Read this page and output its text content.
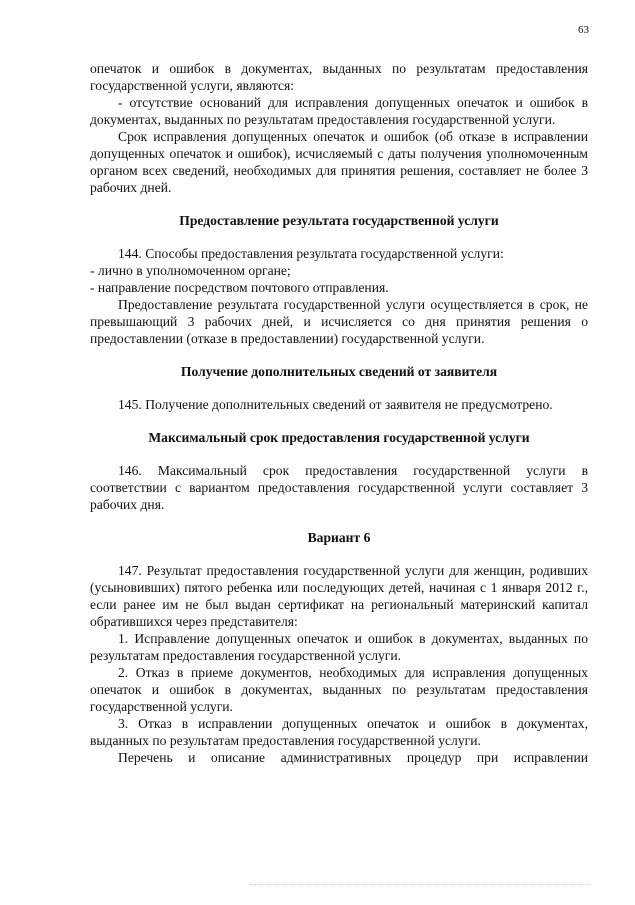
63

опечаток и ошибок в документах, выданных по результатам предоставления государственной услуги, являются:

- отсутствие оснований для исправления допущенных опечаток и ошибок в документах, выданных по результатам предоставления государственной услуги.

Срок исправления допущенных опечаток и ошибок (об отказе в исправлении допущенных опечаток и ошибок), исчисляемый с даты получения уполномоченным органом всех сведений, необходимых для принятия решения, составляет не более 3 рабочих дней.

Предоставление результата государственной услуги

144. Способы предоставления результата государственной услуги:

- лично в уполномоченном органе;

- направление посредством почтового отправления.

Предоставление результата государственной услуги осуществляется в срок, не превышающий 3 рабочих дней, и исчисляется со дня принятия решения о предоставлении (отказе в предоставлении) государственной услуги.

Получение дополнительных сведений от заявителя

145. Получение дополнительных сведений от заявителя не предусмотрено.

Максимальный срок предоставления государственной услуги

146. Максимальный срок предоставления государственной услуги в соответствии с вариантом предоставления государственной услуги составляет 3 рабочих дня.

Вариант 6

147. Результат предоставления государственной услуги для женщин, родивших (усыновивших) пятого ребенка или последующих детей, начиная с 1 января 2012 г., если ранее им не был выдан сертификат на региональный материнский капитал обратившихся через представителя:

1. Исправление допущенных опечаток и ошибок в документах, выданных по результатам предоставления государственной услуги.

2. Отказ в приеме документов, необходимых для исправления допущенных опечаток и ошибок в документах, выданных по результатам предоставления государственной услуги.

3. Отказ в исправлении допущенных опечаток и ошибок в документах, выданных по результатам предоставления государственной услуги.

Перечень и описание административных процедур при исправлении
